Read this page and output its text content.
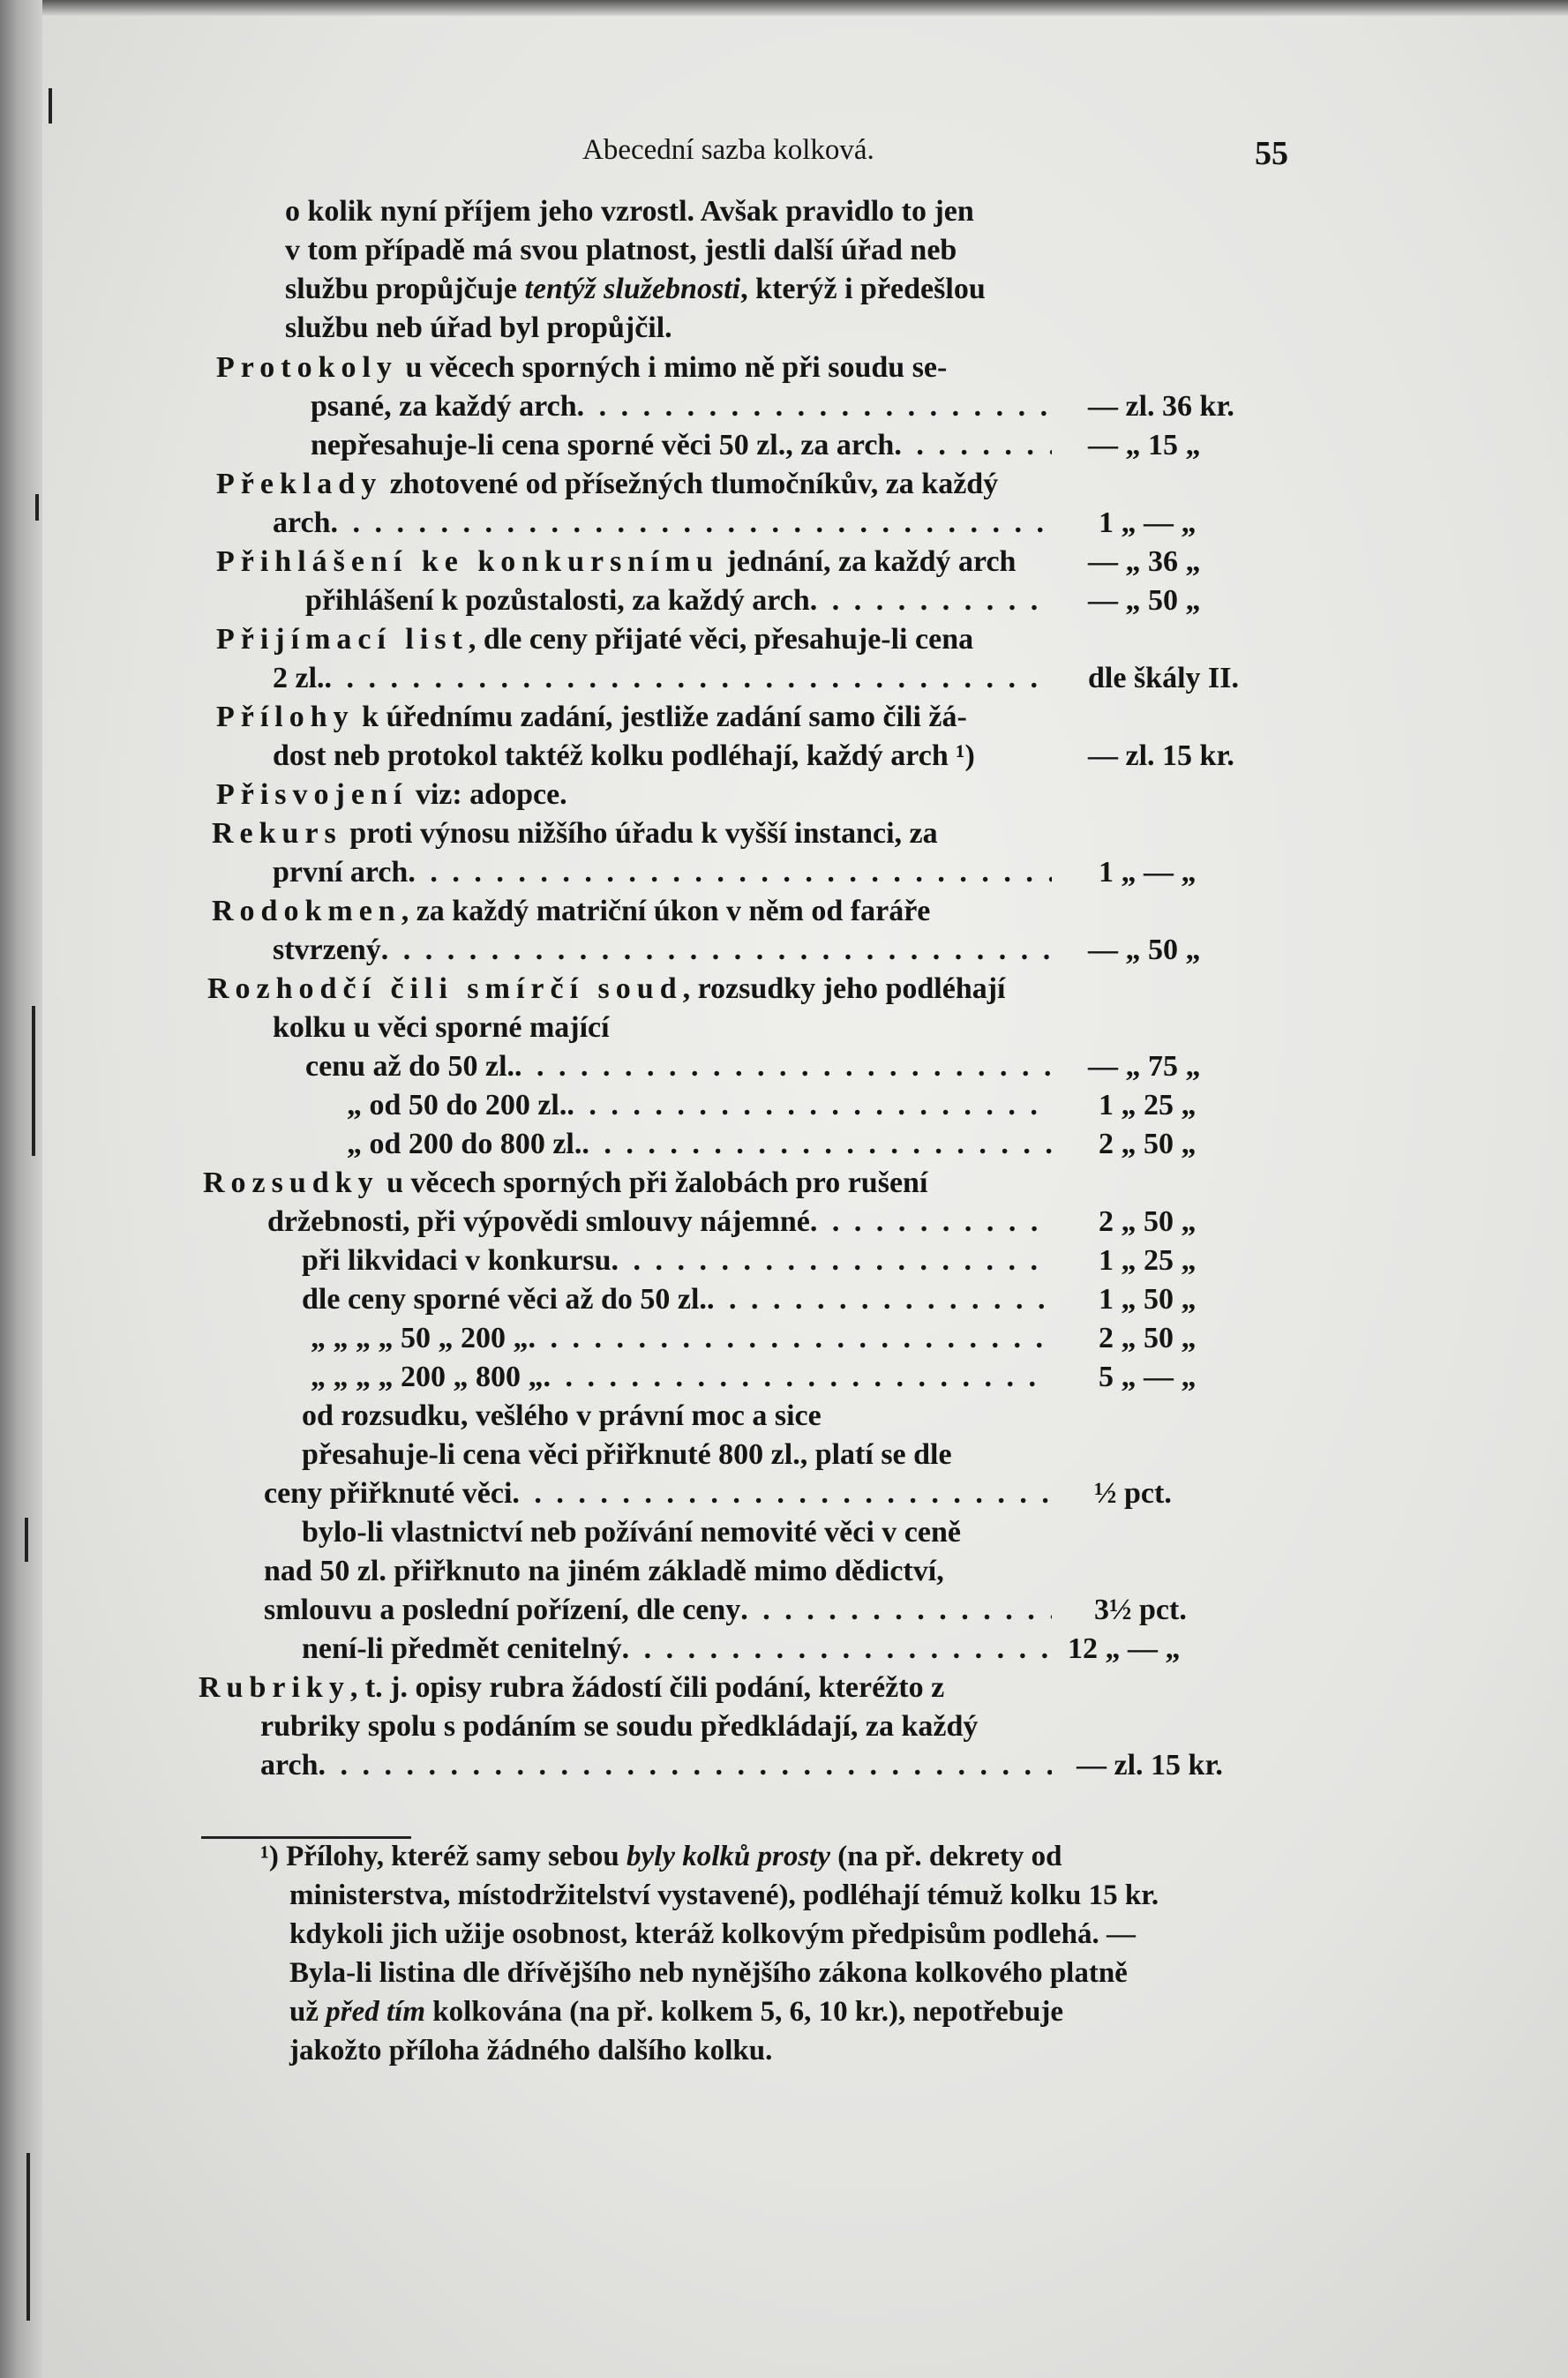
Abecední sazba kolková.	55
o kolik nyní příjem jeho vzrostl. Avšak pravidlo to jen
v tom případě má svou platnost, jestli další úřad neb
službu propůjčuje tentýž služebnosti, kterýž i předešlou
službu neb úřad byl propůjčil.
Protokoly u věcech sporných i mimo ně při soudu se-
psané, za každý arch . . .	— zl. 36 kr.
nepřesahuje-li cena sporné věci 50 zl., za arch . . .	— „ 15 „
Překlady zhotovené od přísežných tlumočníkův, za každý
arch . . .	1 „ — „
Přihlášení ke konkursnímu jednání, za každý arch — „ 36 „
přihlášení k pozůstalosti, za každý arch . . .	— „ 50 „
Přijímací list, dle ceny přijaté věci, přesahuje-li cena
2 zl. . . .	dle škály II.
Přílohy k úřednímu zadání, jestliže zadání samo čili žá-
dost neb protokol taktéž kolku podléhají, každý arch ¹)	— zl. 15 kr.
Přisvojení viz: adopce.
Rekurs proti výnosu nižšího úřadu k vyšší instanci, za
první arch . . .	1 „ — „
Rodokmen, za každý matriční úkon v něm od faráře
stvrzený . . .	— „ 50 „
Rozhodčí čili smírčí soud, rozsudky jeho podléhají
kolku u věci sporné mající
cenu až do 50 zl. . . .	— „ 75 „
„ od 50 do 200 zl. . . .	1 „ 25 „
„ od 200 do 800 zl. . . .	2 „ 50 „
Rozsudky u věcech sporných při žalobách pro rušení
držebnosti, při výpovědi smlouvy nájemné . . .	2 „ 50 „
při likvidaci v konkursu . . .	1 „ 25 „
dle ceny sporné věci až do 50 zl. . . .	1 „ 50 „
„ „ „ „ 50 „ 200 „ . . .	2 „ 50 „
„ „ „ „ 200 „ 800 „ . . .	5 „ — „
od rozsudku, vešlého v právní moc a sice
přesahuje-li cena věci přiřknuté 800 zl., platí se dle
ceny přiřknuté věci . . .	½ pct.
bylo-li vlastnictví neb požívání nemovité věci v ceně
nad 50 zl. přiřknuto na jiném základě mimo dědictví,
smlouvu a poslední pořízení, dle ceny . . .	3½ pct.
není-li předmět cenitelný . . .	12 „ — „
Rubriky, t. j. opisy rubra žádostí čili podání, kteréžto z
rubriky spolu s podáním se soudu předkládají, za každý
arch . . .	— zl. 15 kr.
¹) Přílohy, kteréž samy sebou byly kolků prosty (na př. dekrety od
ministerstva, místodržitelství vystavené), podléhají témuž kolku 15 kr.
kdykoli jich užije osobnost, kteráž kolkovým předpisům podlehá. —
Byla-li listina dle dřívějšího neb nynějšího zákona kolkového platně
už před tím kolkována (na př. kolkem 5, 6, 10 kr.), nepotřebuje
jakožto příloha žádného dalšího kolku.
